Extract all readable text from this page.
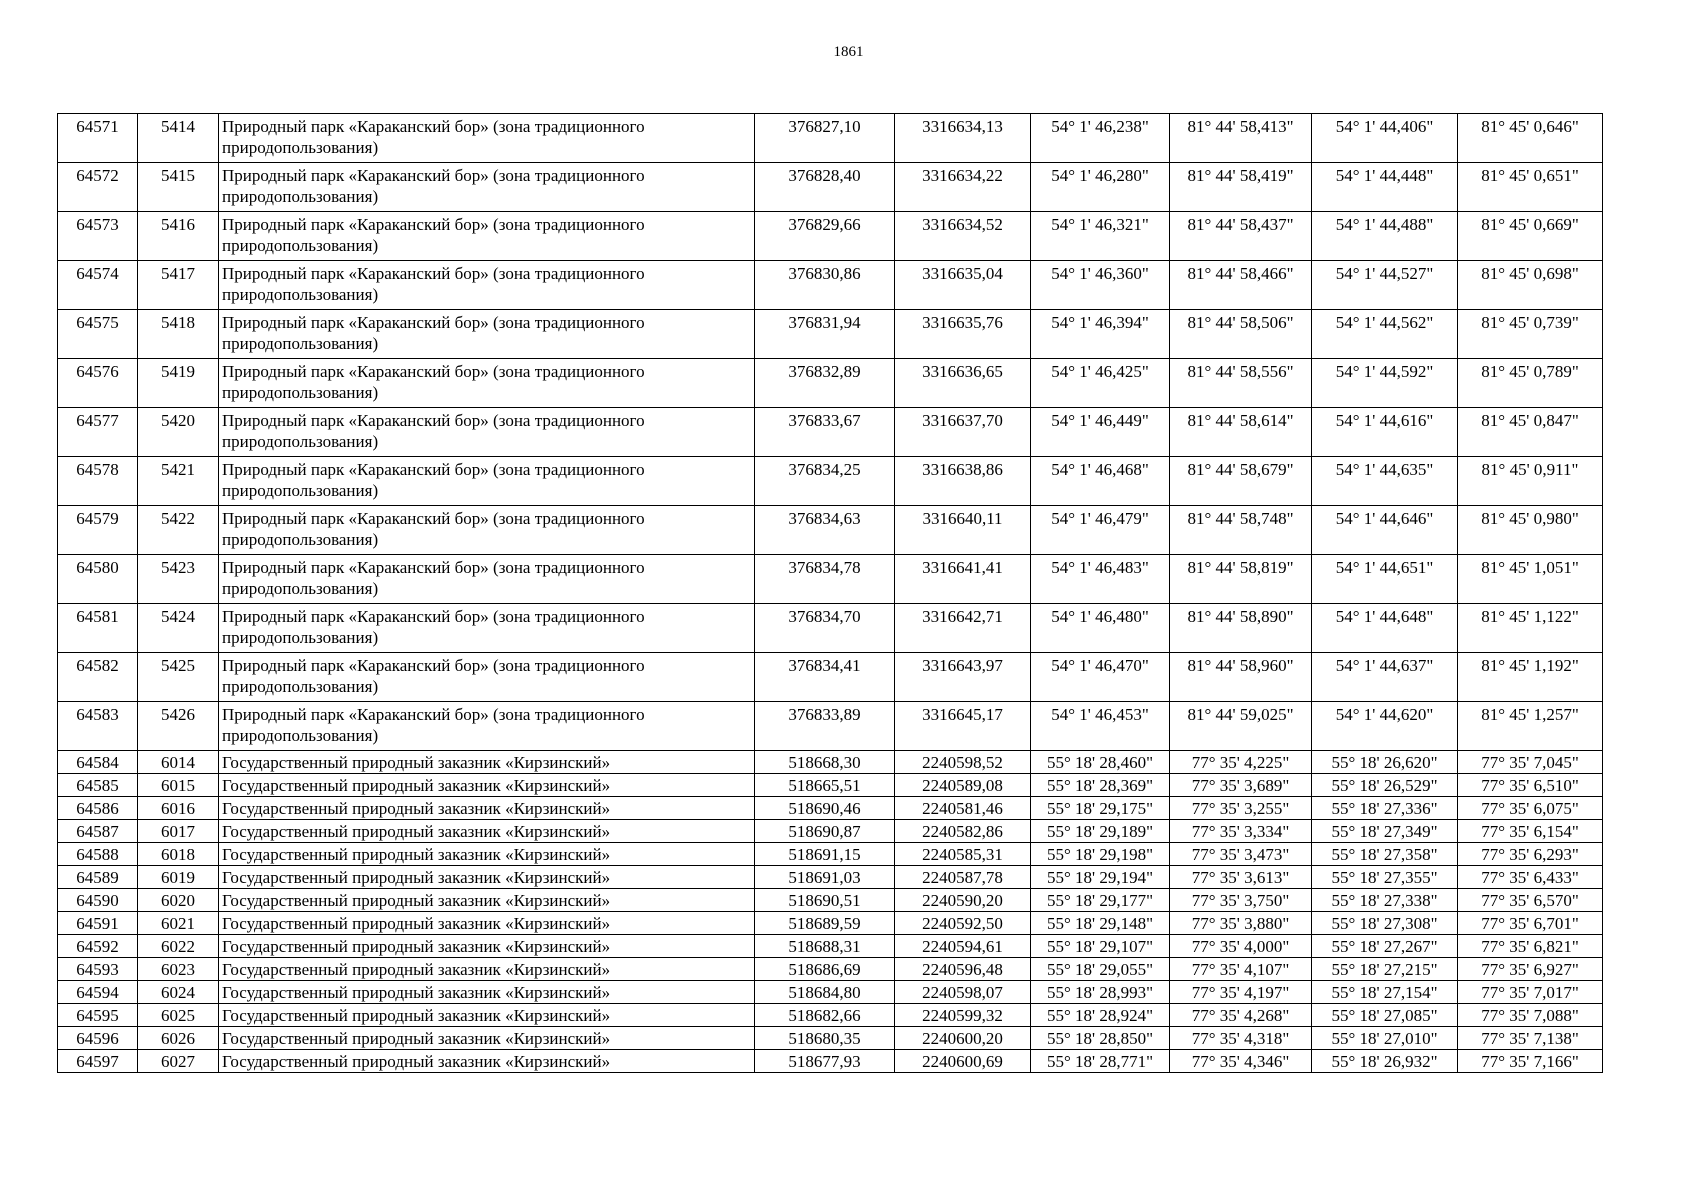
1861
64571	5414	Природный парк «Караканский бор» (зона традиционного природопользования)	376827,10	3316634,13	54° 1' 46,238"	81° 44' 58,413"	54° 1' 44,406"	81° 45' 0,646"
64572	5415	Природный парк «Караканский бор» (зона традиционного природопользования)	376828,40	3316634,22	54° 1' 46,280"	81° 44' 58,419"	54° 1' 44,448"	81° 45' 0,651"
64573	5416	Природный парк «Караканский бор» (зона традиционного природопользования)	376829,66	3316634,52	54° 1' 46,321"	81° 44' 58,437"	54° 1' 44,488"	81° 45' 0,669"
64574	5417	Природный парк «Караканский бор» (зона традиционного природопользования)	376830,86	3316635,04	54° 1' 46,360"	81° 44' 58,466"	54° 1' 44,527"	81° 45' 0,698"
64575	5418	Природный парк «Караканский бор» (зона традиционного природопользования)	376831,94	3316635,76	54° 1' 46,394"	81° 44' 58,506"	54° 1' 44,562"	81° 45' 0,739"
64576	5419	Природный парк «Караканский бор» (зона традиционного природопользования)	376832,89	3316636,65	54° 1' 46,425"	81° 44' 58,556"	54° 1' 44,592"	81° 45' 0,789"
64577	5420	Природный парк «Караканский бор» (зона традиционного природопользования)	376833,67	3316637,70	54° 1' 46,449"	81° 44' 58,614"	54° 1' 44,616"	81° 45' 0,847"
64578	5421	Природный парк «Караканский бор» (зона традиционного природопользования)	376834,25	3316638,86	54° 1' 46,468"	81° 44' 58,679"	54° 1' 44,635"	81° 45' 0,911"
64579	5422	Природный парк «Караканский бор» (зона традиционного природопользования)	376834,63	3316640,11	54° 1' 46,479"	81° 44' 58,748"	54° 1' 44,646"	81° 45' 0,980"
64580	5423	Природный парк «Караканский бор» (зона традиционного природопользования)	376834,78	3316641,41	54° 1' 46,483"	81° 44' 58,819"	54° 1' 44,651"	81° 45' 1,051"
64581	5424	Природный парк «Караканский бор» (зона традиционного природопользования)	376834,70	3316642,71	54° 1' 46,480"	81° 44' 58,890"	54° 1' 44,648"	81° 45' 1,122"
64582	5425	Природный парк «Караканский бор» (зона традиционного природопользования)	376834,41	3316643,97	54° 1' 46,470"	81° 44' 58,960"	54° 1' 44,637"	81° 45' 1,192"
64583	5426	Природный парк «Караканский бор» (зона традиционного природопользования)	376833,89	3316645,17	54° 1' 46,453"	81° 44' 59,025"	54° 1' 44,620"	81° 45' 1,257"
64584	6014	Государственный природный заказник «Кирзинский»	518668,30	2240598,52	55° 18' 28,460"	77° 35' 4,225"	55° 18' 26,620"	77° 35' 7,045"
64585	6015	Государственный природный заказник «Кирзинский»	518665,51	2240589,08	55° 18' 28,369"	77° 35' 3,689"	55° 18' 26,529"	77° 35' 6,510"
64586	6016	Государственный природный заказник «Кирзинский»	518690,46	2240581,46	55° 18' 29,175"	77° 35' 3,255"	55° 18' 27,336"	77° 35' 6,075"
64587	6017	Государственный природный заказник «Кирзинский»	518690,87	2240582,86	55° 18' 29,189"	77° 35' 3,334"	55° 18' 27,349"	77° 35' 6,154"
64588	6018	Государственный природный заказник «Кирзинский»	518691,15	2240585,31	55° 18' 29,198"	77° 35' 3,473"	55° 18' 27,358"	77° 35' 6,293"
64589	6019	Государственный природный заказник «Кирзинский»	518691,03	2240587,78	55° 18' 29,194"	77° 35' 3,613"	55° 18' 27,355"	77° 35' 6,433"
64590	6020	Государственный природный заказник «Кирзинский»	518690,51	2240590,20	55° 18' 29,177"	77° 35' 3,750"	55° 18' 27,338"	77° 35' 6,570"
64591	6021	Государственный природный заказник «Кирзинский»	518689,59	2240592,50	55° 18' 29,148"	77° 35' 3,880"	55° 18' 27,308"	77° 35' 6,701"
64592	6022	Государственный природный заказник «Кирзинский»	518688,31	2240594,61	55° 18' 29,107"	77° 35' 4,000"	55° 18' 27,267"	77° 35' 6,821"
64593	6023	Государственный природный заказник «Кирзинский»	518686,69	2240596,48	55° 18' 29,055"	77° 35' 4,107"	55° 18' 27,215"	77° 35' 6,927"
64594	6024	Государственный природный заказник «Кирзинский»	518684,80	2240598,07	55° 18' 28,993"	77° 35' 4,197"	55° 18' 27,154"	77° 35' 7,017"
64595	6025	Государственный природный заказник «Кирзинский»	518682,66	2240599,32	55° 18' 28,924"	77° 35' 4,268"	55° 18' 27,085"	77° 35' 7,088"
64596	6026	Государственный природный заказник «Кирзинский»	518680,35	2240600,20	55° 18' 28,850"	77° 35' 4,318"	55° 18' 27,010"	77° 35' 7,138"
64597	6027	Государственный природный заказник «Кирзинский»	518677,93	2240600,69	55° 18' 28,771"	77° 35' 4,346"	55° 18' 26,932"	77° 35' 7,166"
